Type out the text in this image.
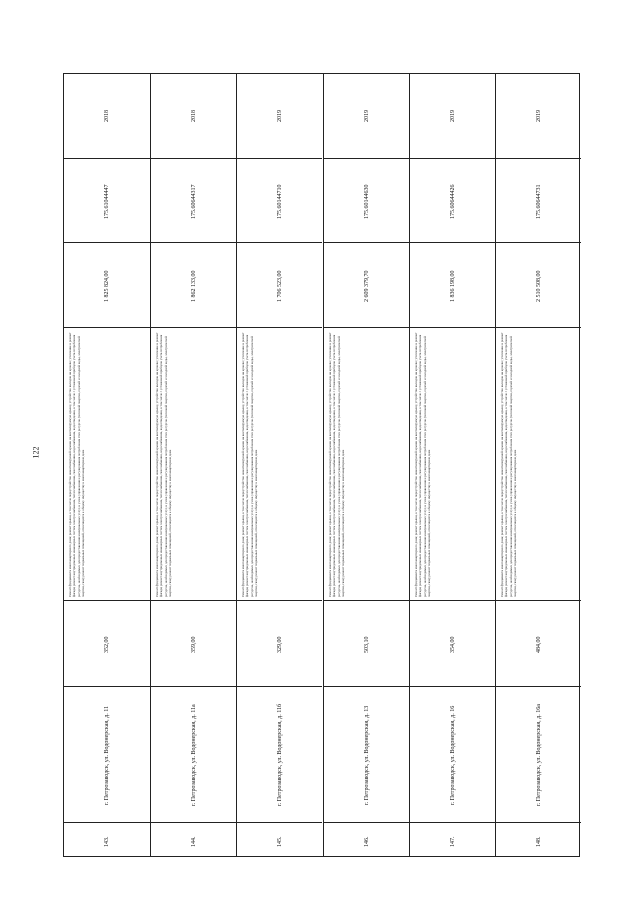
122
2018
175.61044447
1 825 824,00
Ремонт фундамента многоквартирного дома; ремонт крыши, в том числе переустройство невентилируемой крыши на вентилируемую крышу, устройство выходов на кровлю; утепление и ремонт фасада; ремонт внутридомовых инженерных систем электроснабжения, теплоснабжения, газоснабжения, водоснабжения, водоотведения, в том числе с установкой приборов учета потребления ресурсов, необходимых для предоставления коммунальных услуг, и узлов управления и регулирования потребления этих ресурсов (тепловой энергии, горячей и холодной воды, электрической энергии, газа); ремонт подвальных помещений, относящихся к общему имуществу в многоквартирном доме
352,00
г. Петрозаводск, ул. Водонерская, д. 11
143.
2018
175.60644317
1 862 133,00
Ремонт фундамента многоквартирного дома; ремонт крыши, в том числе переустройство невентилируемой крыши на вентилируемую крышу, устройство выходов на кровлю; утепление и ремонт фасада; ремонт внутридомовых инженерных систем электроснабжения, теплоснабжения, газоснабжения, водоснабжения, водоотведения, в том числе с установкой приборов учета потребления ресурсов, необходимых для предоставления коммунальных услуг, и узлов управления и регулирования потребления этих ресурсов (тепловой энергии, горячей и холодной воды, электрической энергии, газа); ремонт подвальных помещений, относящихся к общему имуществу в многоквартирном доме
359,00
г. Петрозаводск, ул. Водонерская, д. 11а
144.
2019
175.60144710
1 706 523,00
Ремонт фундамента многоквартирного дома; ремонт крыши, в том числе переустройство невентилируемой крыши на вентилируемую крышу, устройство выходов на кровлю; утепление и ремонт фасада; ремонт внутридомовых инженерных систем электроснабжения, теплоснабжения, газоснабжения, водоснабжения, водоотведения, в том числе с установкой приборов учета потребления ресурсов, необходимых для предоставления коммунальных услуг, и узлов управления и регулирования потребления этих ресурсов (тепловой энергии, горячей и холодной воды, электрической энергии, газа); ремонт подвальных помещений, относящихся к общему имуществу в многоквартирном доме
329,00
г. Петрозаводск, ул. Водонерская, д. 11б
145.
2019
175.60144630
2 609 379,70
Ремонт фундамента многоквартирного дома; ремонт крыши, в том числе переустройство невентилируемой крыши на вентилируемую крышу, устройство выходов на кровлю; утепление и ремонт фасада; ремонт внутридомовых инженерных систем электроснабжения, теплоснабжения, газоснабжения, водоснабжения, водоотведения, в том числе с установкой приборов учета потребления ресурсов, необходимых для предоставления коммунальных услуг, и узлов управления и регулирования потребления этих ресурсов (тепловой энергии, горячей и холодной воды, электрической энергии, газа); ремонт подвальных помещений, относящихся к общему имуществу в многоквартирном доме
503,10
г. Петрозаводск, ул. Водонерская, д. 13
146.
2019
175.60644426
1 836 198,00
Ремонт фундамента многоквартирного дома; ремонт крыши, в том числе переустройство невентилируемой крыши на вентилируемую крышу, устройство выходов на кровлю; утепление и ремонт фасада; ремонт внутридомовых инженерных систем электроснабжения, теплоснабжения, газоснабжения, водоснабжения, водоотведения, в том числе с установкой приборов учета потребления ресурсов, необходимых для предоставления коммунальных услуг, и узлов управления и регулирования потребления этих ресурсов (тепловой энергии, горячей и холодной воды, электрической энергии, газа); ремонт подвальных помещений, относящихся к общему имуществу в многоквартирном доме
354,00
г. Петрозаводск, ул. Водонерская, д. 16
147.
2019
175.60644731
2 510 508,00
Ремонт фундамента многоквартирного дома; ремонт крыши, в том числе переустройство невентилируемой крыши на вентилируемую крышу, устройство выходов на кровлю; утепление и ремонт фасада; ремонт внутридомовых инженерных систем электроснабжения, теплоснабжения, газоснабжения, водоснабжения, водоотведения, в том числе с установкой приборов учета потребления ресурсов, необходимых для предоставления коммунальных услуг, и узлов управления и регулирования потребления этих ресурсов (тепловой энергии, горячей и холодной воды, электрической энергии, газа); ремонт подвальных помещений, относящихся к общему имуществу в многоквартирном доме
484,00
г. Петрозаводск, ул. Водонерская, д. 16а
148.
